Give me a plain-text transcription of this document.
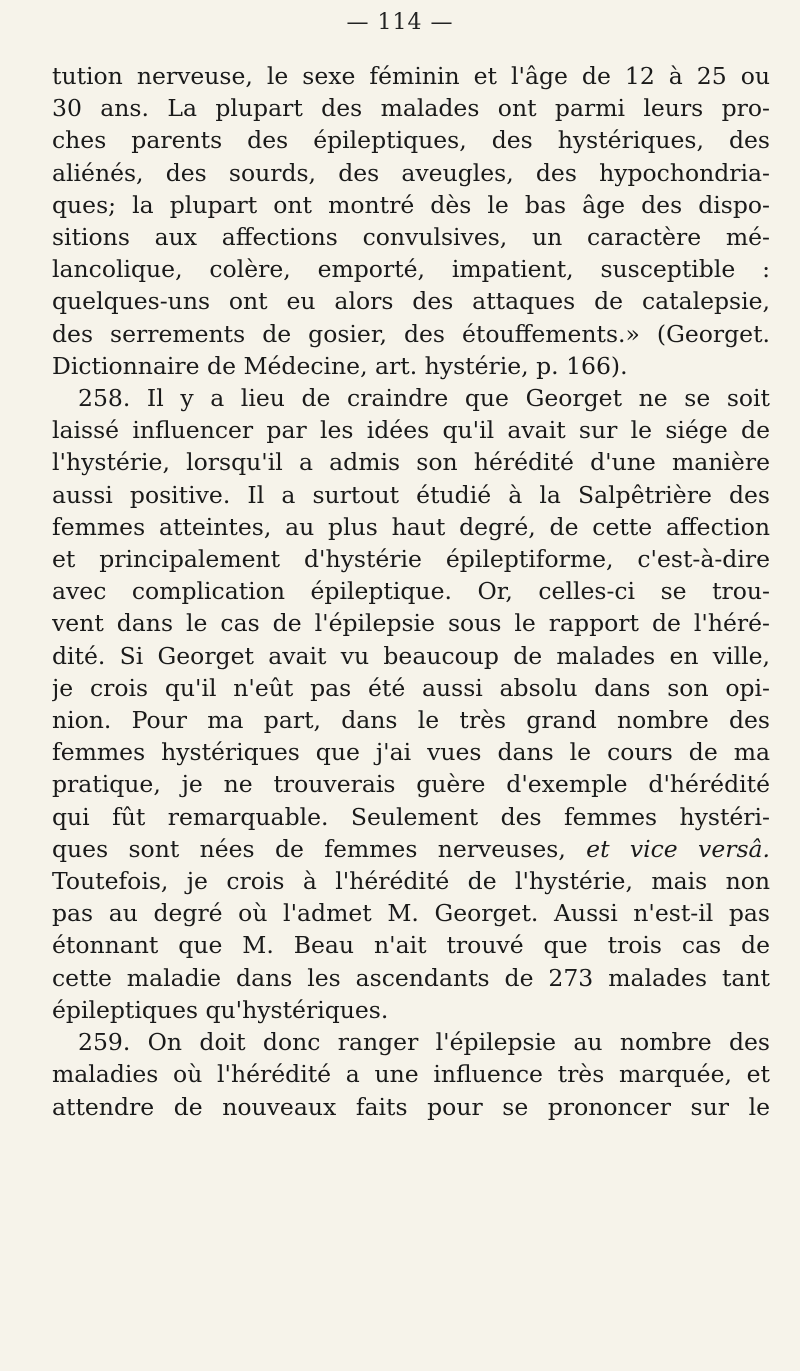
— 114 —
tution nerveuse, le sexe féminin et l'âge de 12 à 25 ou
30 ans. La plupart des malades ont parmi leurs pro-
ches parents des épileptiques, des hystériques, des
aliénés, des sourds, des aveugles, des hypochondria-
ques; la plupart ont montré dès le bas âge des dispo-
sitions aux affections convulsives, un caractère mé-
lancolique, colère, emporté, impatient, susceptible :
quelques-uns ont eu alors des attaques de catalepsie,
des serrements de gosier, des étouffements.» (Georget.
Dictionnaire de Médecine, art. hystérie, p. 166).
258. Il y a lieu de craindre que Georget ne se soit
laissé influencer par les idées qu'il avait sur le siége de
l'hystérie, lorsqu'il a admis son hérédité d'une manière
aussi positive. Il a surtout étudié à la Salpêtrière des
femmes atteintes, au plus haut degré, de cette affection
et principalement d'hystérie épileptiforme, c'est-à-dire
avec complication épileptique. Or, celles-ci se trou-
vent dans le cas de l'épilepsie sous le rapport de l'héré-
dité. Si Georget avait vu beaucoup de malades en ville,
je crois qu'il n'eût pas été aussi absolu dans son opi-
nion. Pour ma part, dans le très grand nombre des
femmes hystériques que j'ai vues dans le cours de ma
pratique, je ne trouverais guère d'exemple d'hérédité
qui fût remarquable. Seulement des femmes hystéri-
ques sont nées de femmes nerveuses, et vice versâ.
Toutefois, je crois à l'hérédité de l'hystérie, mais non
pas au degré où l'admet M. Georget. Aussi n'est-il pas
étonnant que M. Beau n'ait trouvé que trois cas de
cette maladie dans les ascendants de 273 malades tant
épileptiques qu'hystériques.
259. On doit donc ranger l'épilepsie au nombre des
maladies où l'hérédité a une influence très marquée, et
attendre de nouveaux faits pour se prononcer sur le
